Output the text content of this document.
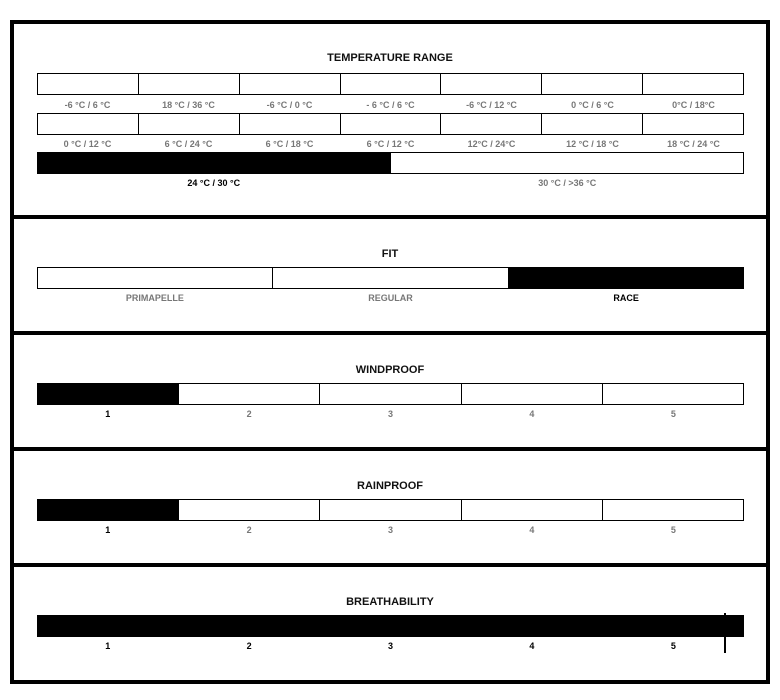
TEMPERATURE RANGE
-6 °C / 6 °C	18 °C / 36 °C	-6 °C / 0 °C	- 6 °C / 6 °C	-6 °C / 12 °C	0 °C / 6 °C	0°C / 18°C
0 °C / 12 °C	6 °C / 24 °C	6 °C / 18 °C	6 °C / 12 °C	12°C / 24°C	12 °C / 18 °C	18 °C / 24 °C
24 °C / 30 °C	30 °C / >36 °C
FIT
PRIMAPELLE	REGULAR	RACE
WINDPROOF
1	2	3	4	5
RAINPROOF
1	2	3	4	5
BREATHABILITY
1	2	3	4	5
